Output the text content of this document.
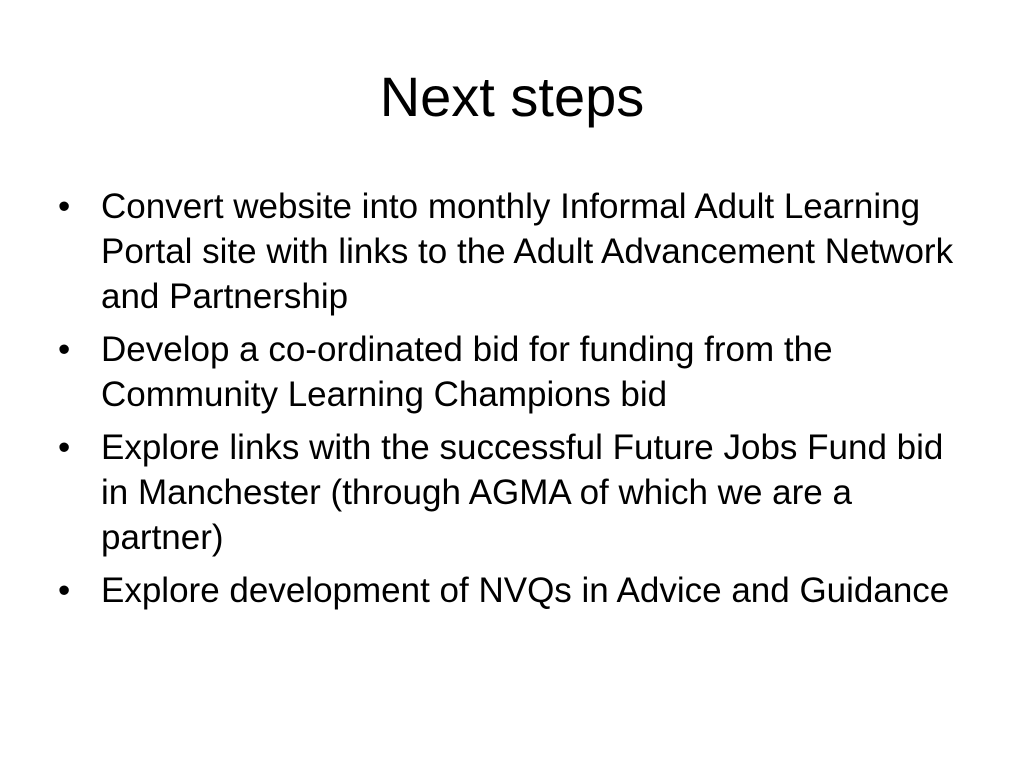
Next steps
• Convert website into monthly Informal Adult Learning Portal site with links to the Adult Advancement Network and Partnership
• Develop a co-ordinated bid for funding from the Community Learning Champions bid
• Explore links with the successful Future Jobs Fund bid in Manchester (through AGMA of which we are a partner)
• Explore development of NVQs in Advice and Guidance
